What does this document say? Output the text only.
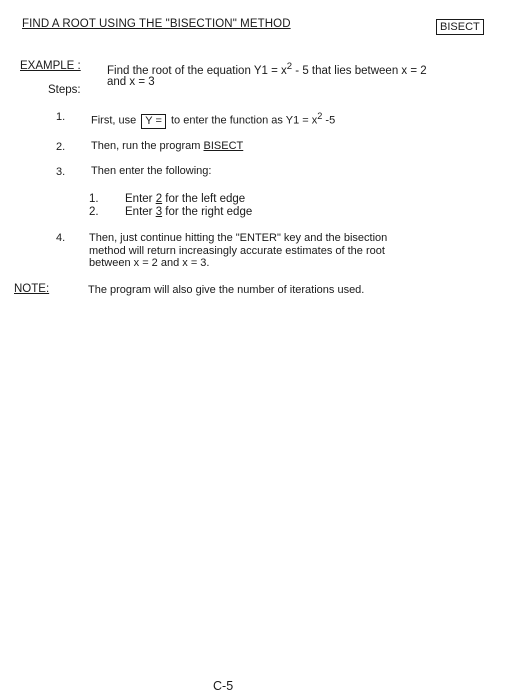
FIND A ROOT USING THE "BISECTION" METHOD	BISECT
EXAMPLE : Find the root of the equation $Y1 = x^2 - 5$ that lies between x = 2
and x = 3
Steps:
1. First, use Y = to enter the function as $Y1 = x^2$ -5
2. Then, run the program BISECT
3. Then enter the following:
1. Enter 2 for the left edge
2. Enter 3 for the right edge
4. Then, just continue hitting the "ENTER" key and the bisection
method will return increasingly accurate estimates of the root
between x = 2 and x = 3.
NOTE:	The program will also give the number of iterations used.
C-5
